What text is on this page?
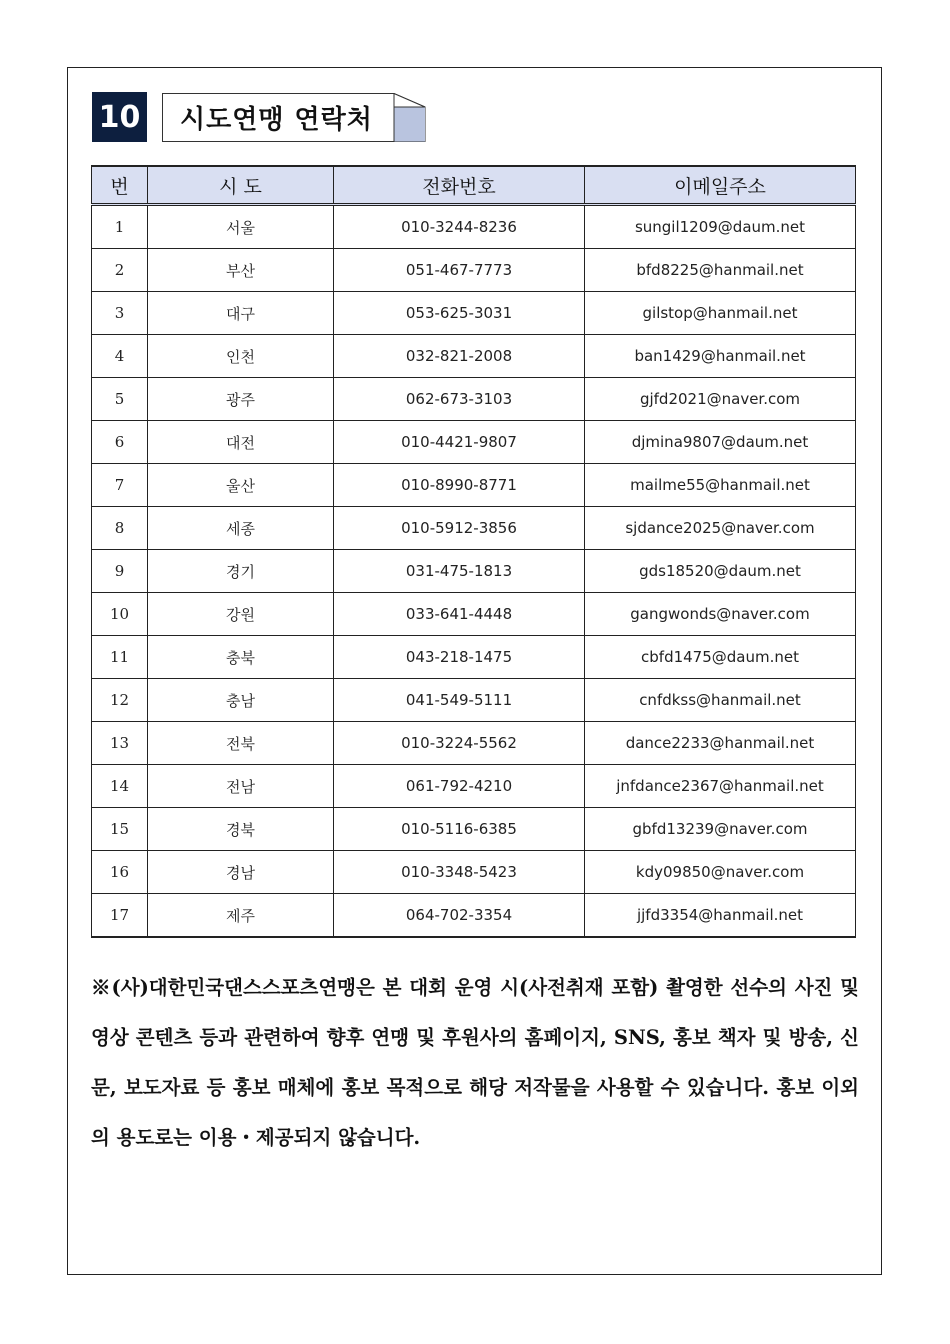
10 시도연맹 연락처
번	시 도	전화번호	이메일주소
1	서울	010-3244-8236	sungil1209@daum.net
2	부산	051-467-7773	bfd8225@hanmail.net
3	대구	053-625-3031	gilstop@hanmail.net
4	인천	032-821-2008	ban1429@hanmail.net
5	광주	062-673-3103	gjfd2021@naver.com
6	대전	010-4421-9807	djmina9807@daum.net
7	울산	010-8990-8771	mailme55@hanmail.net
8	세종	010-5912-3856	sjdance2025@naver.com
9	경기	031-475-1813	gds18520@daum.net
10	강원	033-641-4448	gangwonds@naver.com
11	충북	043-218-1475	cbfd1475@daum.net
12	충남	041-549-5111	cnfdkss@hanmail.net
13	전북	010-3224-5562	dance2233@hanmail.net
14	전남	061-792-4210	jnfdance2367@hanmail.net
15	경북	010-5116-6385	gbfd13239@naver.com
16	경남	010-3348-5423	kdy09850@naver.com
17	제주	064-702-3354	jjfd3354@hanmail.net
※(사)대한민국댄스스포츠연맹은 본 대회 운영 시(사전취재 포함) 촬영한 선수의 사진 및 영상 콘텐츠 등과 관련하여 향후 연맹 및 후원사의 홈페이지, SNS, 홍보 책자 및 방송, 신문, 보도자료 등 홍보 매체에 홍보 목적으로 해당 저작물을 사용할 수 있습니다. 홍보 이외의 용도로는 이용・제공되지 않습니다.
